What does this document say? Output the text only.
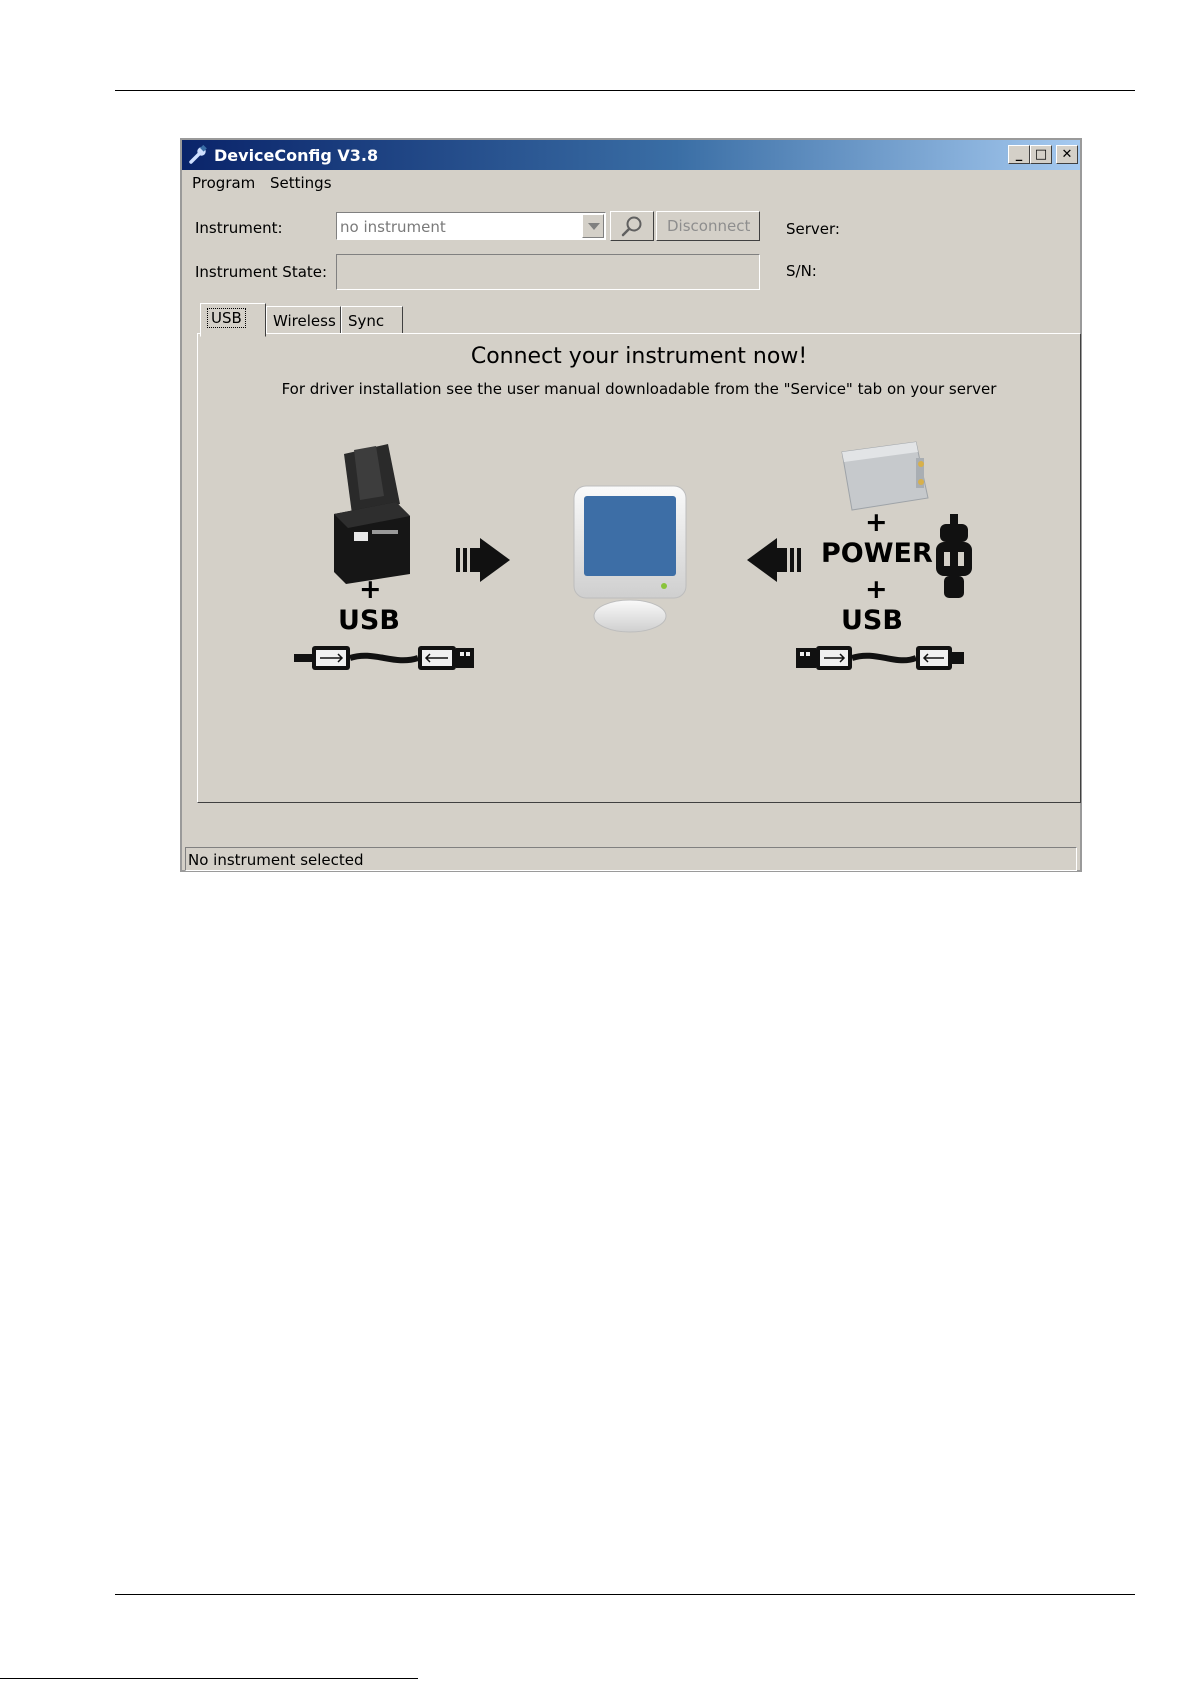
DeviceConfig V3.8	_ □	✕
Program Settings
Instrument:	no instrument	Disconnect Server:
Instrument State:	S/N:
USB	Wireless Sync
Connect your instrument now!
For driver installation see the user manual downloadable from the "Service" tab on your server
+
USB
+
POWER
+
USB
No instrument selected
